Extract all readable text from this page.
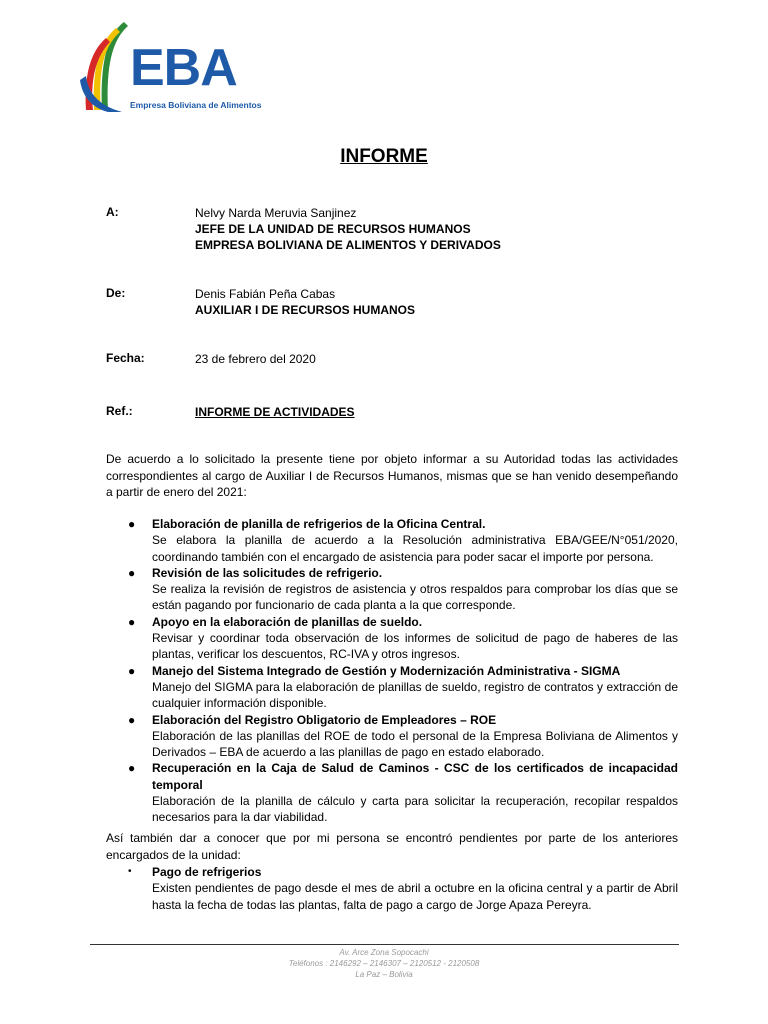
EBA
Empresa Boliviana de Alimentos
INFORME
A:	Nelvy Narda Meruvia Sanjinez
JEFE DE LA UNIDAD DE RECURSOS HUMANOS
EMPRESA BOLIVIANA DE ALIMENTOS Y DERIVADOS
De:	Denis Fabián Peña Cabas
AUXILIAR I DE RECURSOS HUMANOS
Fecha:	23 de febrero del 2020
Ref.:	INFORME DE ACTIVIDADES
De acuerdo a lo solicitado la presente tiene por objeto informar a su Autoridad todas las actividades correspondientes al cargo de Auxiliar I de Recursos Humanos, mismas que se han venido desempeñando a partir de enero del 2021:
● Elaboración de planilla de refrigerios de la Oficina Central.
Se elabora la planilla de acuerdo a la Resolución administrativa EBA/GEE/N°051/2020, coordinando también con el encargado de asistencia para poder sacar el importe por persona.
● Revisión de las solicitudes de refrigerio.
Se realiza la revisión de registros de asistencia y otros respaldos para comprobar los días que se están pagando por funcionario de cada planta a la que corresponde.
● Apoyo en la elaboración de planillas de sueldo.
Revisar y coordinar toda observación de los informes de solicitud de pago de haberes de las plantas, verificar los descuentos, RC-IVA y otros ingresos.
● Manejo del Sistema Integrado de Gestión y Modernización Administrativa - SIGMA
Manejo del SIGMA para la elaboración de planillas de sueldo, registro de contratos y extracción de cualquier información disponible.
● Elaboración del Registro Obligatorio de Empleadores – ROE
Elaboración de las planillas del ROE de todo el personal de la Empresa Boliviana de Alimentos y Derivados – EBA de acuerdo a las planillas de pago en estado elaborado.
● Recuperación en la Caja de Salud de Caminos - CSC de los certificados de incapacidad temporal
Elaboración de la planilla de cálculo y carta para solicitar la recuperación, recopilar respaldos necesarios para la dar viabilidad.
Así también dar a conocer que por mi persona se encontró pendientes por parte de los anteriores encargados de la unidad:
• Pago de refrigerios
Existen pendientes de pago desde el mes de abril a octubre en la oficina central y a partir de Abril hasta la fecha de todas las plantas, falta de pago a cargo de Jorge Apaza Pereyra.
Av. Arce Zona Sopocachi
Teléfonos : 2146292 – 2146307 – 2120512 - 2120508
La Paz – Bolivia
